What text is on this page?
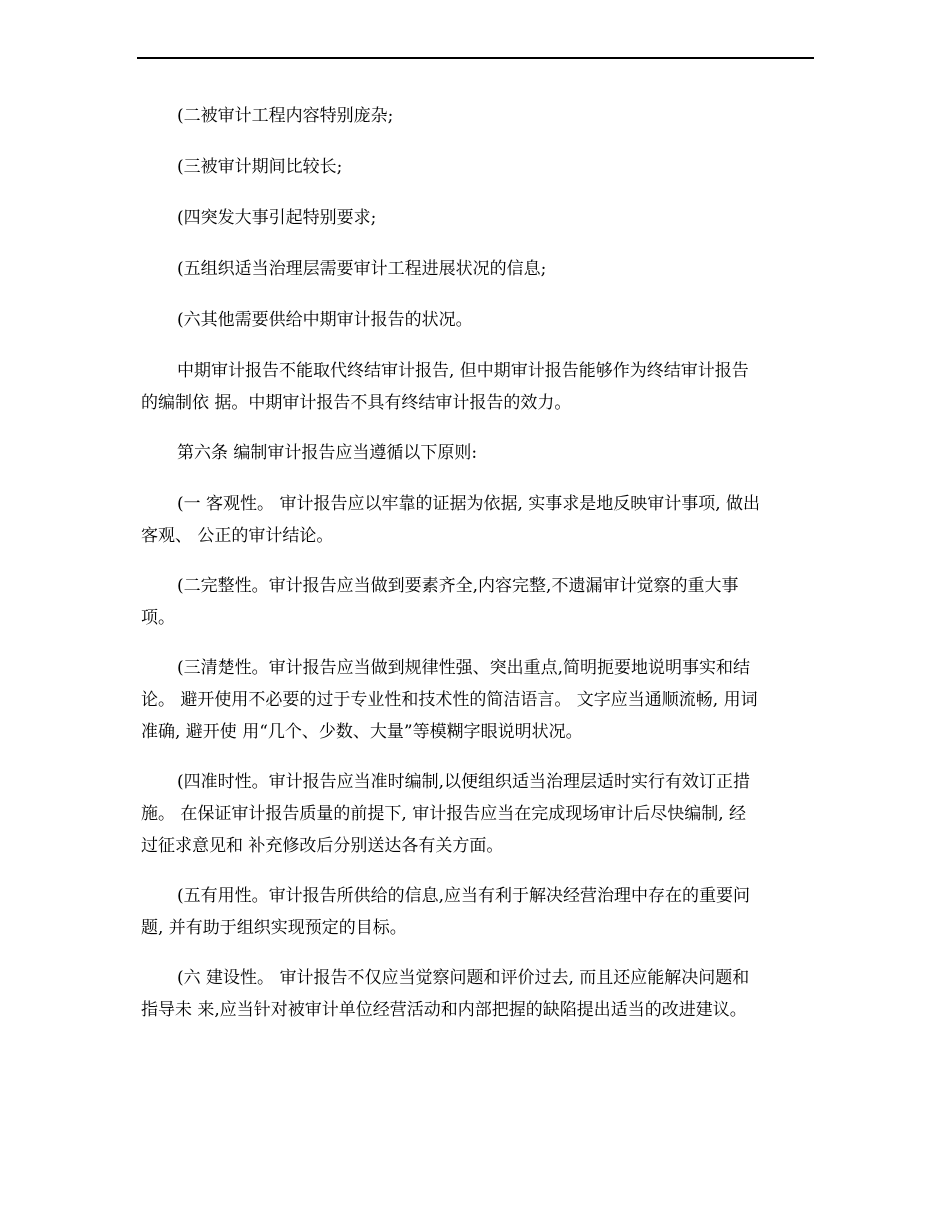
(二被审计工程内容特别庞杂;

(三被审计期间比较长;

(四突发大事引起特别要求;

(五组织适当治理层需要审计工程进展状况的信息;

(六其他需要供给中期审计报告的状况。

中期审计报告不能取代终结审计报告, 但中期审计报告能够作为终结审计报告
的编制依 据。中期审计报告不具有终结审计报告的效力。

第六条 编制审计报告应当遵循以下原则:

(一 客观性。 审计报告应以牢靠的证据为依据, 实事求是地反映审计事项, 做出
客观、 公正的审计结论。

(二完整性。审计报告应当做到要素齐全,内容完整,不遗漏审计觉察的重大事
项。

(三清楚性。审计报告应当做到规律性强、突出重点,简明扼要地说明事实和结
论。 避开使用不必要的过于专业性和技术性的简洁语言。 文字应当通顺流畅, 用词
准确, 避开使 用“几个、少数、大量”等模糊字眼说明状况。

(四准时性。审计报告应当准时编制,以便组织适当治理层适时实行有效订正措
施。 在保证审计报告质量的前提下, 审计报告应当在完成现场审计后尽快编制, 经
过征求意见和 补充修改后分别送达各有关方面。

(五有用性。审计报告所供给的信息,应当有利于解决经营治理中存在的重要问
题, 并有助于组织实现预定的目标。

(六 建设性。 审计报告不仅应当觉察问题和评价过去, 而且还应能解决问题和
指导未 来,应当针对被审计单位经营活动和内部把握的缺陷提出适当的改进建议。
